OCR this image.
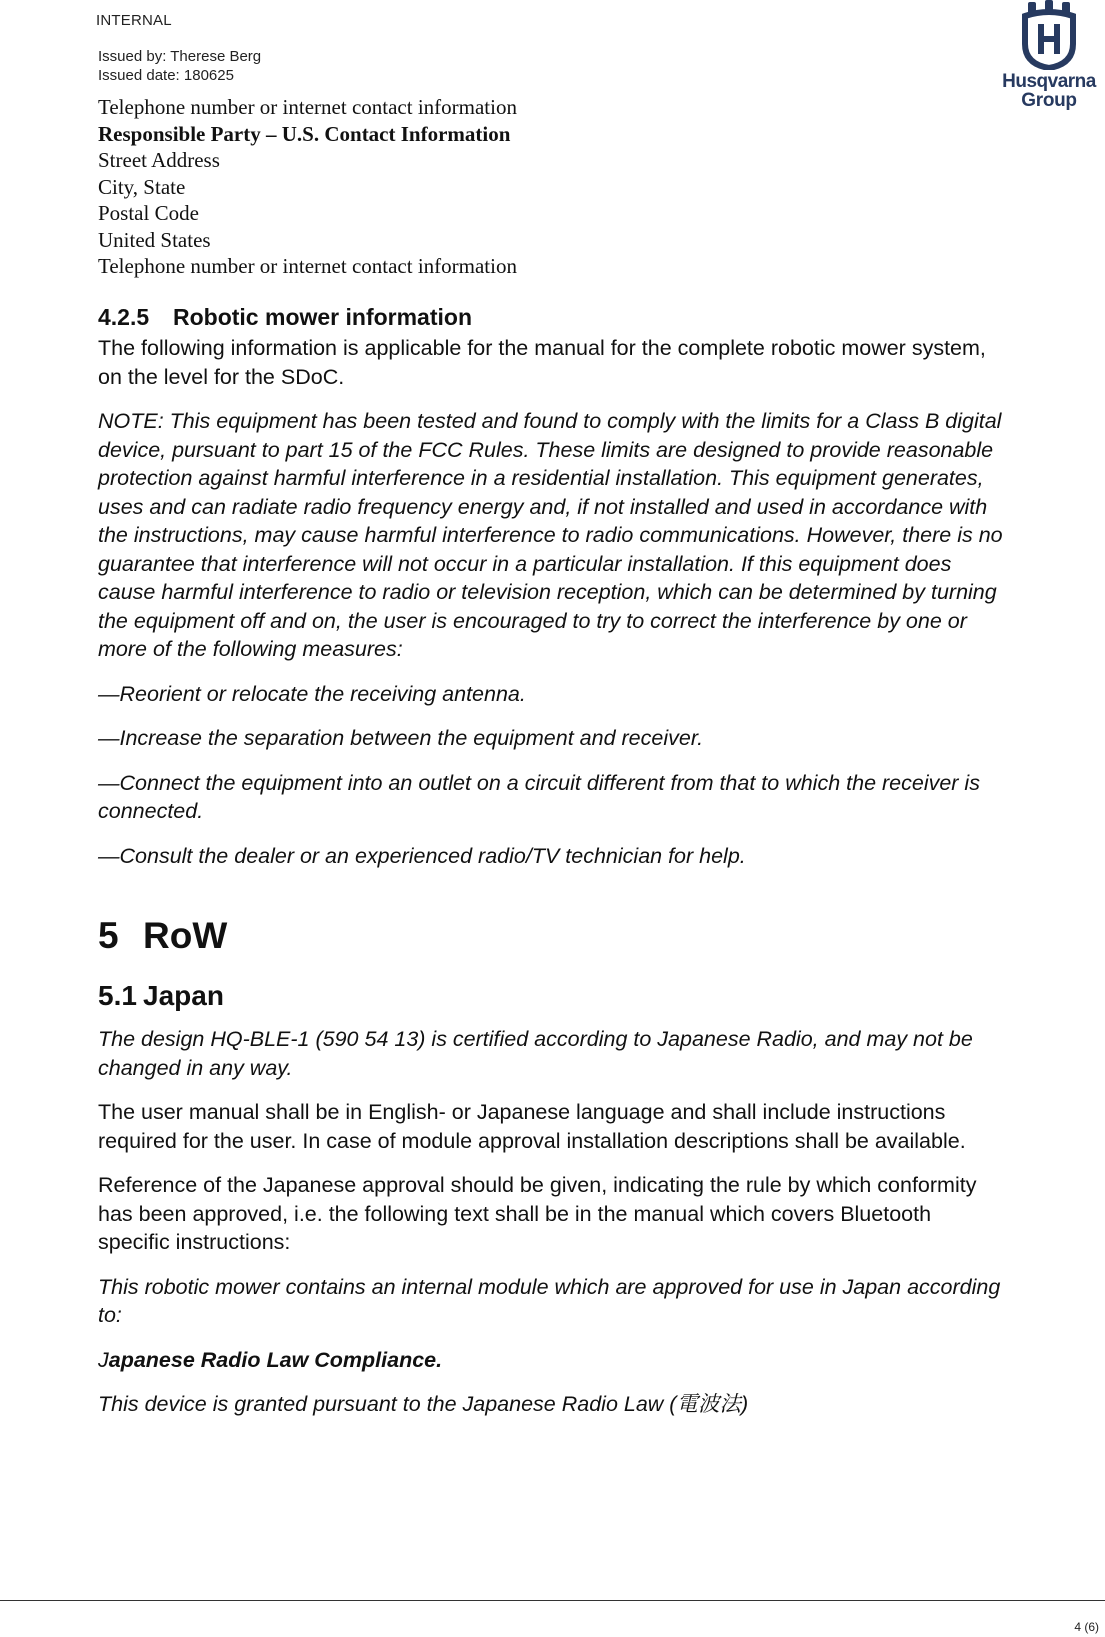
INTERNAL
Issued by: Therese Berg
Issued date: 180625	Husqvarna
Group
Telephone number or internet contact information
Responsible Party – U.S. Contact Information
Street Address
City, State
Postal Code
United States
Telephone number or internet contact information
4.2.5 Robotic mower information

The following information is applicable for the manual for the complete robotic mower system, on the level for the SDoC.

NOTE: This equipment has been tested and found to comply with the limits for a Class B digital device, pursuant to part 15 of the FCC Rules. These limits are designed to provide reasonable protection against harmful interference in a residential installation. This equipment generates, uses and can radiate radio frequency energy and, if not installed and used in accordance with the instructions, may cause harmful interference to radio communications. However, there is no guarantee that interference will not occur in a particular installation. If this equipment does cause harmful interference to radio or television reception, which can be determined by turning the equipment off and on, the user is encouraged to try to correct the interference by one or more of the following measures:

—Reorient or relocate the receiving antenna.

—Increase the separation between the equipment and receiver.

—Connect the equipment into an outlet on a circuit different from that to which the receiver is connected.

—Consult the dealer or an experienced radio/TV technician for help.

5 RoW
5.1 Japan

The design HQ-BLE-1 (590 54 13) is certified according to Japanese Radio, and may not be changed in any way.

The user manual shall be in English- or Japanese language and shall include instructions required for the user. In case of module approval installation descriptions shall be available.

Reference of the Japanese approval should be given, indicating the rule by which conformity has been approved, i.e. the following text shall be in the manual which covers Bluetooth specific instructions:

This robotic mower contains an internal module which are approved for use in Japan according to:

Japanese Radio Law Compliance.

This device is granted pursuant to the Japanese Radio Law (電波法)

4 (6)
